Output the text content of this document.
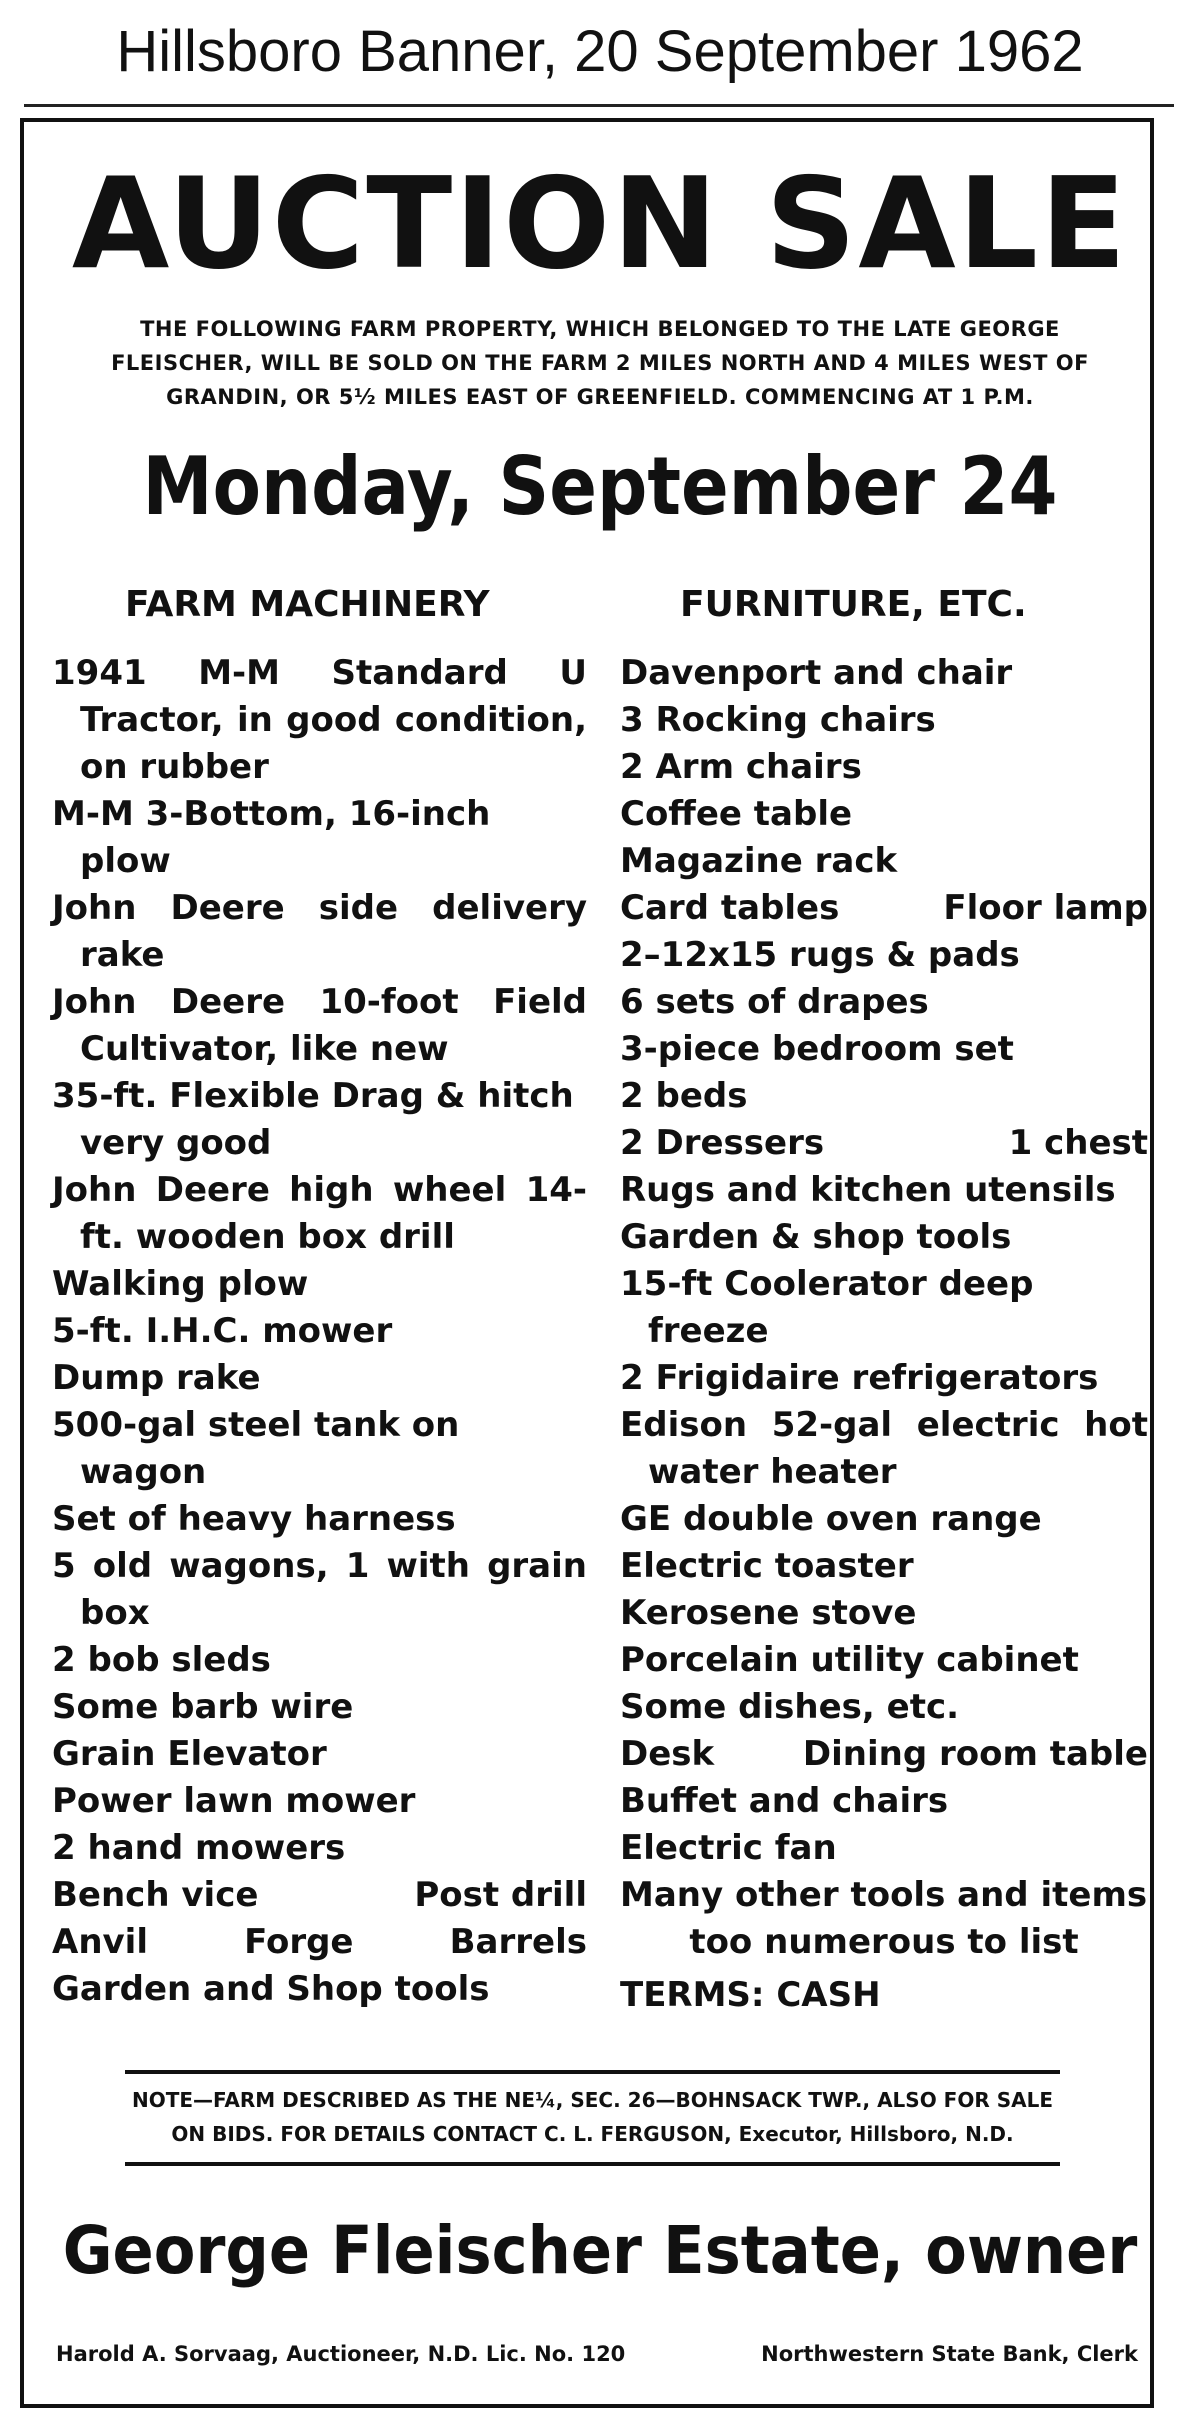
Hillsboro Banner, 20 September 1962
AUCTION SALE
THE FOLLOWING FARM PROPERTY, WHICH BELONGED TO THE LATE GEORGE FLEISCHER, WILL BE SOLD ON THE FARM 2 MILES NORTH AND 4 MILES WEST OF GRANDIN, OR 5½ MILES EAST OF GREENFIELD. COMMENCING AT 1 P.M.
Monday, September 24
FARM MACHINERY	FURNITURE, ETC.
1941 M-M Standard U Tractor, in good condition, on rubber
M-M 3-Bottom, 16-inch plow
John Deere side delivery rake
John Deere 10-foot Field Cultivator, like new
35-ft. Flexible Drag & hitch very good
John Deere high wheel 14-ft. wooden box drill
Walking plow
5-ft. I.H.C. mower
Dump rake
500-gal steel tank on wagon
Set of heavy harness
5 old wagons, 1 with grain box
2 bob sleds
Some barb wire
Grain Elevator
Power lawn mower
2 hand mowers
Bench vice	Post drill
Anvil	Forge	Barrels
Garden and Shop tools
Davenport and chair
3 Rocking chairs
2 Arm chairs
Coffee table
Magazine rack
Card tables	Floor lamp
2–12x15 rugs & pads
6 sets of drapes
3-piece bedroom set
2 beds
2 Dressers	1 chest
Rugs and kitchen utensils
Garden & shop tools
15-ft Coolerator deep freeze
2 Frigidaire refrigerators
Edison 52-gal electric hot water heater
GE double oven range
Electric toaster
Kerosene stove
Porcelain utility cabinet
Some dishes, etc.
Desk	Dining room table
Buffet and chairs
Electric fan
Many other tools and items
too numerous to list
TERMS: CASH
NOTE—FARM DESCRIBED AS THE NE¼, SEC. 26—BOHNSACK TWP., ALSO FOR SALE ON BIDS. FOR DETAILS CONTACT C. L. FERGUSON, Executor, Hillsboro, N.D.
George Fleischer Estate, owner
Harold A. Sorvaag, Auctioneer, N.D. Lic. No. 120	Northwestern State Bank, Clerk
